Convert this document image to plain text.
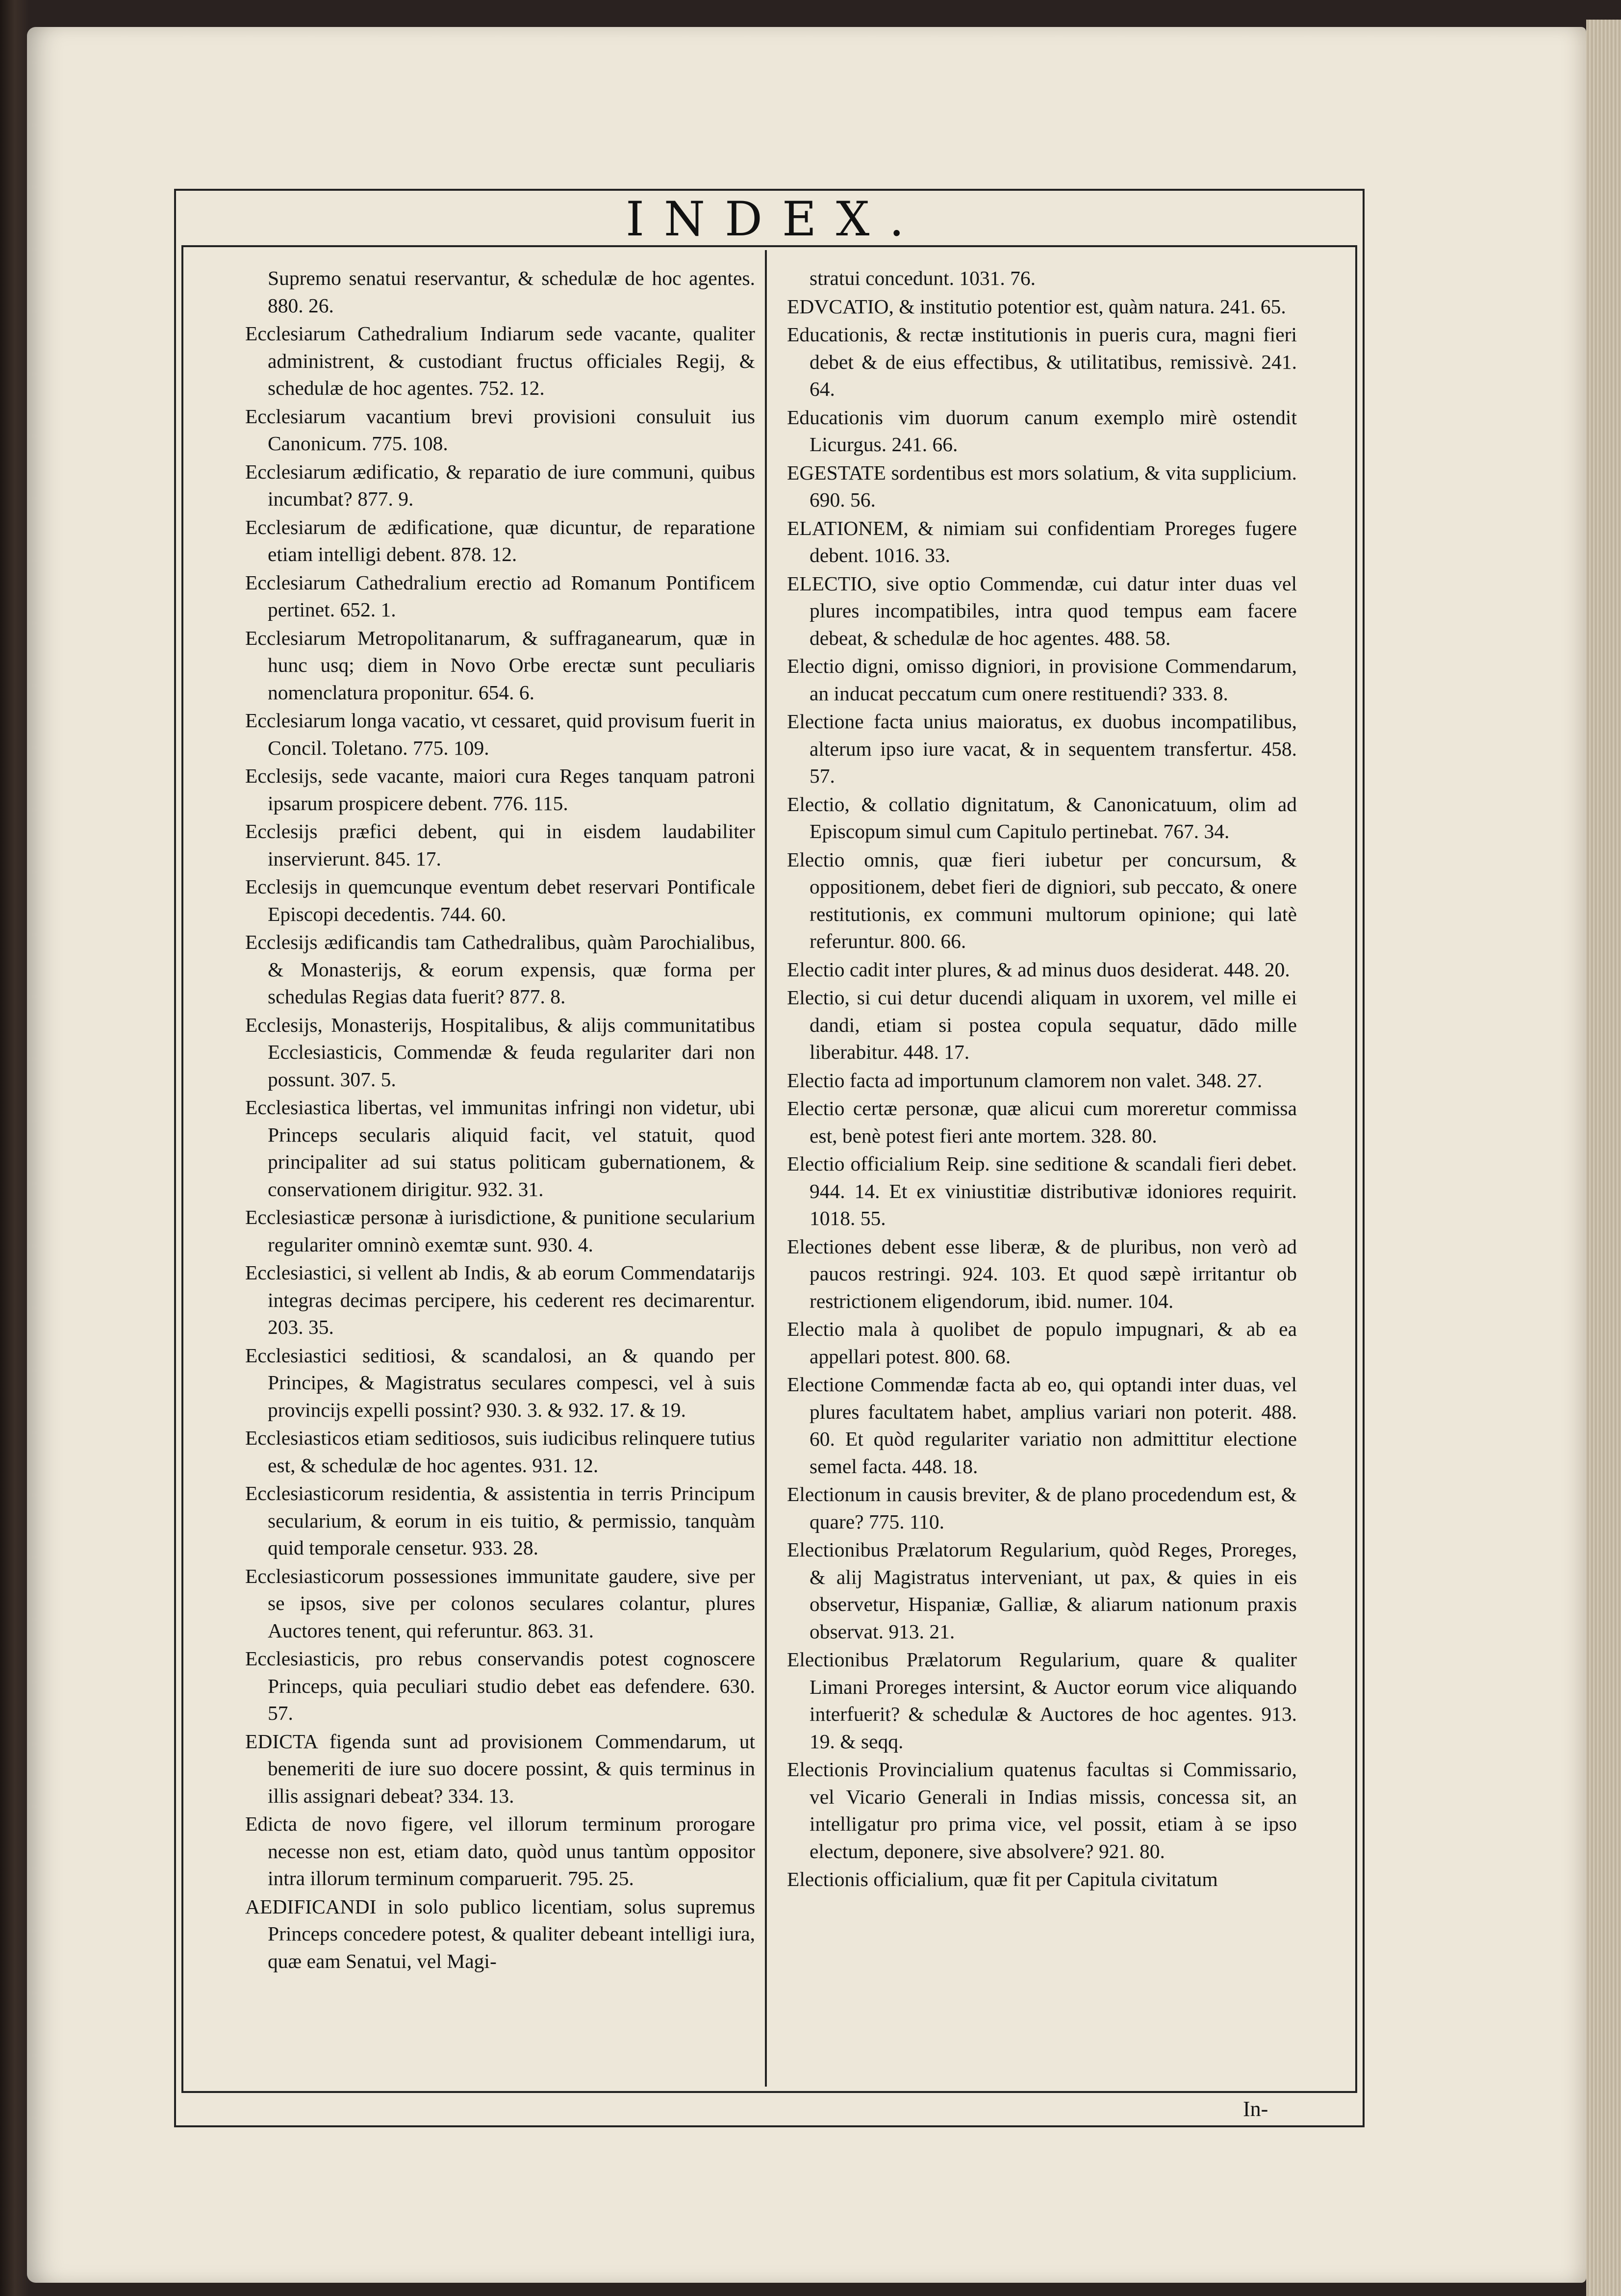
INDEX.

Supremo senatui reservantur, & schedulæ de hoc agentes. 880. 26.

Ecclesiarum Cathedralium Indiarum sede vacante, qualiter administrent, & custodiant fructus officiales Regij, & schedulæ de hoc agentes. 752. 12.

Ecclesiarum vacantium brevi provisioni consuluit ius Canonicum. 775. 108.

Ecclesiarum ædificatio, & reparatio de iure communi, quibus incumbat? 877. 9.

Ecclesiarum de ædificatione, quæ dicuntur, de reparatione etiam intelligi debent. 878. 12.

Ecclesiarum Cathedralium erectio ad Romanum Pontificem pertinet. 652. 1.

Ecclesiarum Metropolitanarum, & suffraganearum, quæ in hunc usq; diem in Novo Orbe erectæ sunt peculiaris nomenclatura proponitur. 654. 6.

Ecclesiarum longa vacatio, vt cessaret, quid provisum fuerit in Concil. Toletano. 775. 109.

Ecclesijs, sede vacante, maiori cura Reges tanquam patroni ipsarum prospicere debent. 776. 115.

Ecclesijs præfici debent, qui in eisdem laudabiliter inservierunt. 845. 17.

Ecclesijs in quemcunque eventum debet reservari Pontificale Episcopi decedentis. 744. 60.

Ecclesijs ædificandis tam Cathedralibus, quàm Parochialibus, & Monasterijs, & eorum expensis, quæ forma per schedulas Regias data fuerit? 877. 8.

Ecclesijs, Monasterijs, Hospitalibus, & alijs communitatibus Ecclesiasticis, Commendæ & feuda regulariter dari non possunt. 307. 5.

Ecclesiastica libertas, vel immunitas infringi non videtur, ubi Princeps secularis aliquid facit, vel statuit, quod principaliter ad sui status politicam gubernationem, & conservationem dirigitur. 932. 31.

Ecclesiasticæ personæ à iurisdictione, & punitione secularium regulariter omninò exemtæ sunt. 930. 4.

Ecclesiastici, si vellent ab Indis, & ab eorum Commendatarijs integras decimas percipere, his cederent res decimarentur. 203. 35.

Ecclesiastici seditiosi, & scandalosi, an & quando per Principes, & Magistratus seculares compesci, vel à suis provincijs expelli possint? 930. 3. & 932. 17. & 19.

Ecclesiasticos etiam seditiosos, suis iudicibus relinquere tutius est, & schedulæ de hoc agentes. 931. 12.

Ecclesiasticorum residentia, & assistentia in terris Principum secularium, & eorum in eis tuitio, & permissio, tanquàm quid temporale censetur. 933. 28.

Ecclesiasticorum possessiones immunitate gaudere, sive per se ipsos, sive per colonos seculares colantur, plures Auctores tenent, qui referuntur. 863. 31.

Ecclesiasticis, pro rebus conservandis potest cognoscere Princeps, quia peculiari studio debet eas defendere. 630. 57.

EDICTA figenda sunt ad provisionem Commendarum, ut benemeriti de iure suo docere possint, & quis terminus in illis assignari debeat? 334. 13.

Edicta de novo figere, vel illorum terminum prorogare necesse non est, etiam dato, quòd unus tantùm oppositor intra illorum terminum comparuerit. 795. 25.

AEDIFICANDI in solo publico licentiam, solus supremus Princeps concedere potest, & qualiter debeant intelligi iura, quæ eam Senatui, vel Magi-

stratui concedunt. 1031. 76.

EDVCATIO, & institutio potentior est, quàm natura. 241. 65.

Educationis, & rectæ institutionis in pueris cura, magni fieri debet & de eius effectibus, & utilitatibus, remissivè. 241. 64.

Educationis vim duorum canum exemplo mirè ostendit Licurgus. 241. 66.

EGESTATE sordentibus est mors solatium, & vita supplicium. 690. 56.

ELATIONEM, & nimiam sui confidentiam Proreges fugere debent. 1016. 33.

ELECTIO, sive optio Commendæ, cui datur inter duas vel plures incompatibiles, intra quod tempus eam facere debeat, & schedulæ de hoc agentes. 488. 58.

Electio digni, omisso digniori, in provisione Commendarum, an inducat peccatum cum onere restituendi? 333. 8.

Electione facta unius maioratus, ex duobus incompatilibus, alterum ipso iure vacat, & in sequentem transfertur. 458. 57.

Electio, & collatio dignitatum, & Canonicatuum, olim ad Episcopum simul cum Capitulo pertinebat. 767. 34.

Electio omnis, quæ fieri iubetur per concursum, & oppositionem, debet fieri de digniori, sub peccato, & onere restitutionis, ex communi multorum opinione; qui latè referuntur. 800. 66.

Electio cadit inter plures, & ad minus duos desiderat. 448. 20.

Electio, si cui detur ducendi aliquam in uxorem, vel mille ei dandi, etiam si postea copula sequatur, dādo mille liberabitur. 448. 17.

Electio facta ad importunum clamorem non valet. 348. 27.

Electio certæ personæ, quæ alicui cum moreretur commissa est, benè potest fieri ante mortem. 328. 80.

Electio officialium Reip. sine seditione & scandali fieri debet. 944. 14. Et ex viniustitiæ distributivæ idoniores requirit. 1018. 55.

Electiones debent esse liberæ, & de pluribus, non verò ad paucos restringi. 924. 103. Et quod sæpè irritantur ob restrictionem eligendorum, ibid. numer. 104.

Electio mala à quolibet de populo impugnari, & ab ea appellari potest. 800. 68.

Electione Commendæ facta ab eo, qui optandi inter duas, vel plures facultatem habet, amplius variari non poterit. 488. 60. Et quòd regulariter variatio non admittitur electione semel facta. 448. 18.

Electionum in causis breviter, & de plano procedendum est, & quare? 775. 110.

Electionibus Prælatorum Regularium, quòd Reges, Proreges, & alij Magistratus interveniant, ut pax, & quies in eis observetur, Hispaniæ, Galliæ, & aliarum nationum praxis observat. 913. 21.

Electionibus Prælatorum Regularium, quare & qualiter Limani Proreges intersint, & Auctor eorum vice aliquando interfuerit? & schedulæ & Auctores de hoc agentes. 913. 19. & seqq.

Electionis Provincialium quatenus facultas si Commissario, vel Vicario Generali in Indias missis, concessa sit, an intelligatur pro prima vice, vel possit, etiam à se ipso electum, deponere, sive absolvere? 921. 80.

Electionis officialium, quæ fit per Capitula civitatum

In-
